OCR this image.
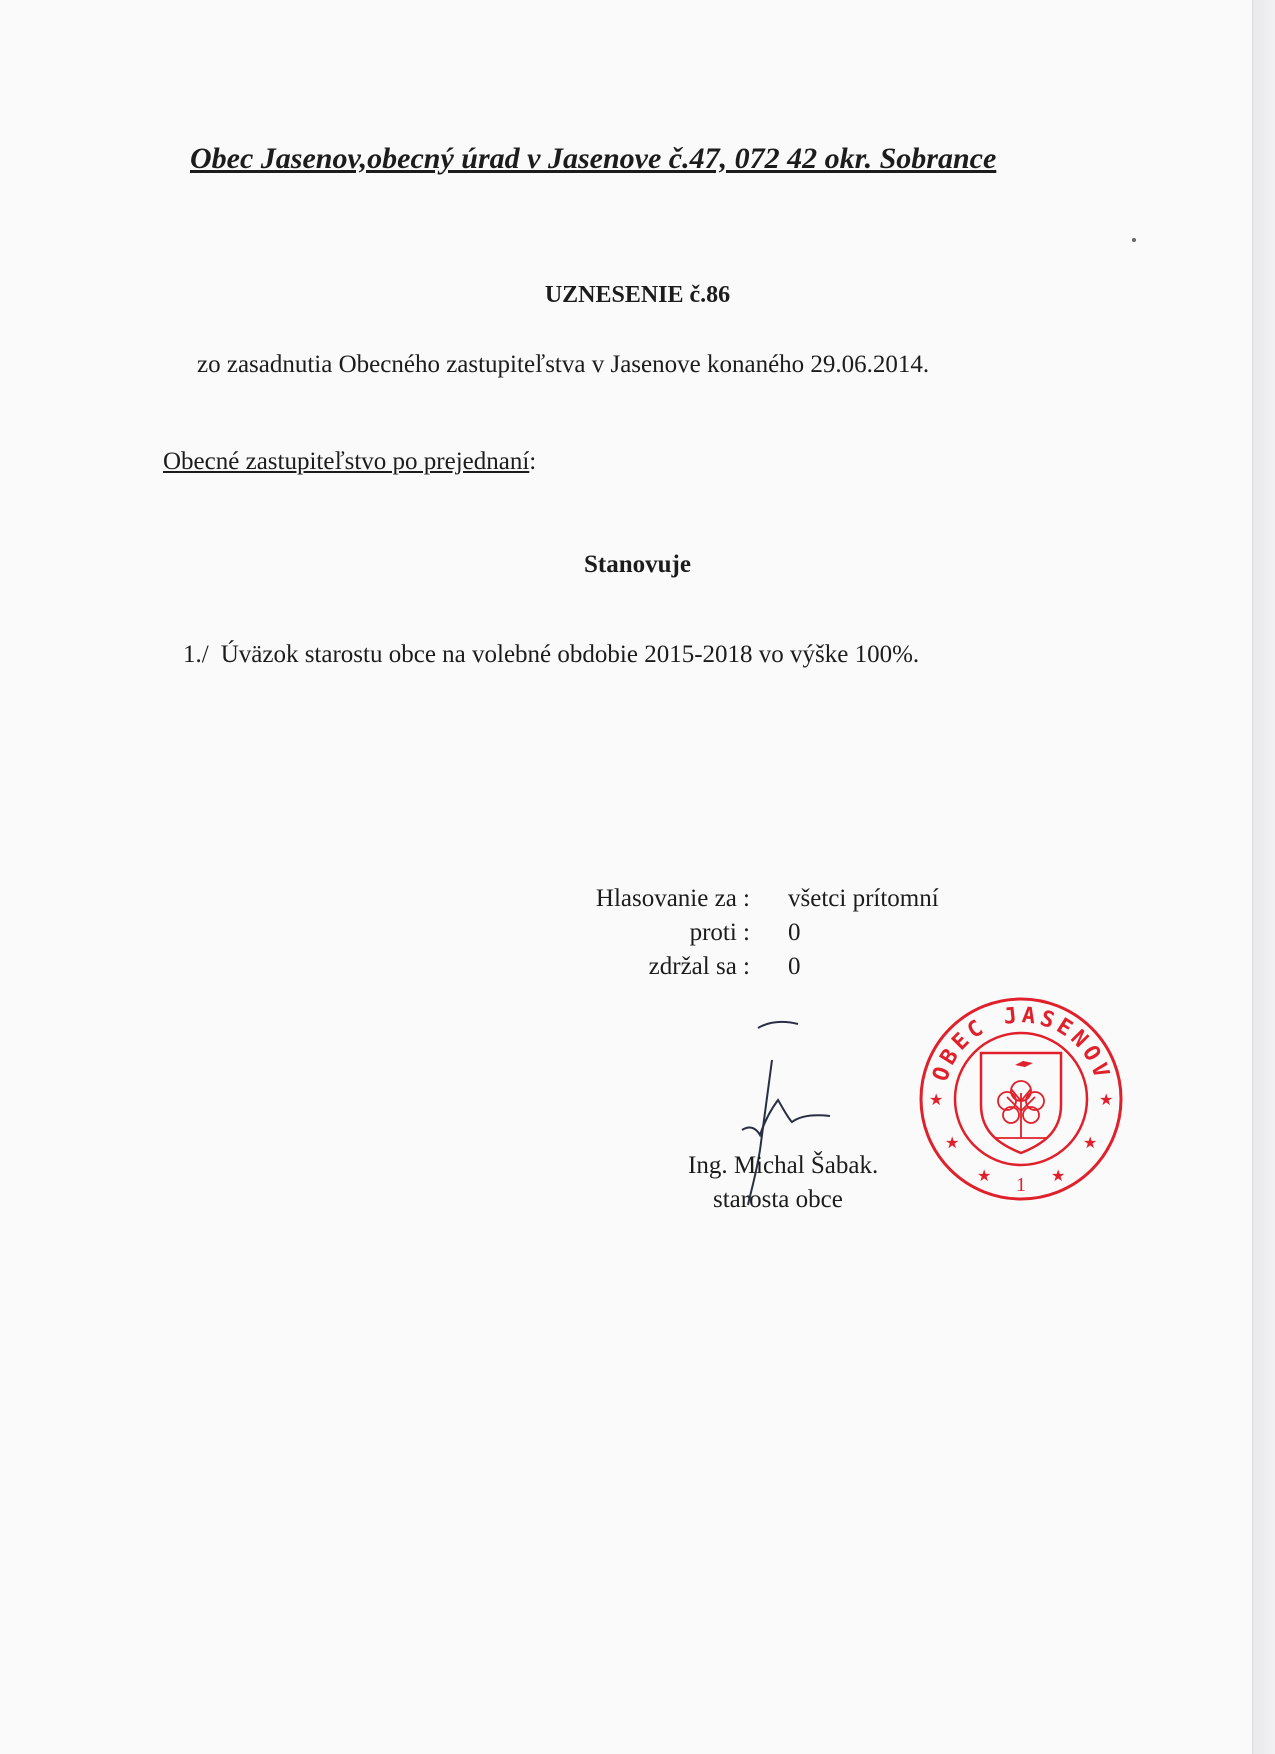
Obec Jasenov,obecný úrad v Jasenove č.47, 072 42 okr. Sobrance
UZNESENIE č.86
zo zasadnutia Obecného zastupiteľstva v Jasenove konaného 29.06.2014.
Obecné zastupiteľstvo po prejednaní:
Stanovuje
1./ Úväzok starostu obce na volebné obdobie 2015-2018 vo výške 100%.
Hlasovanie za : všetci prítomní
proti : 0
zdržal sa : 0
Ing. Michal Šabak.
starosta obce
OBEC JASENOV
★	★
★	★
★	★
1
